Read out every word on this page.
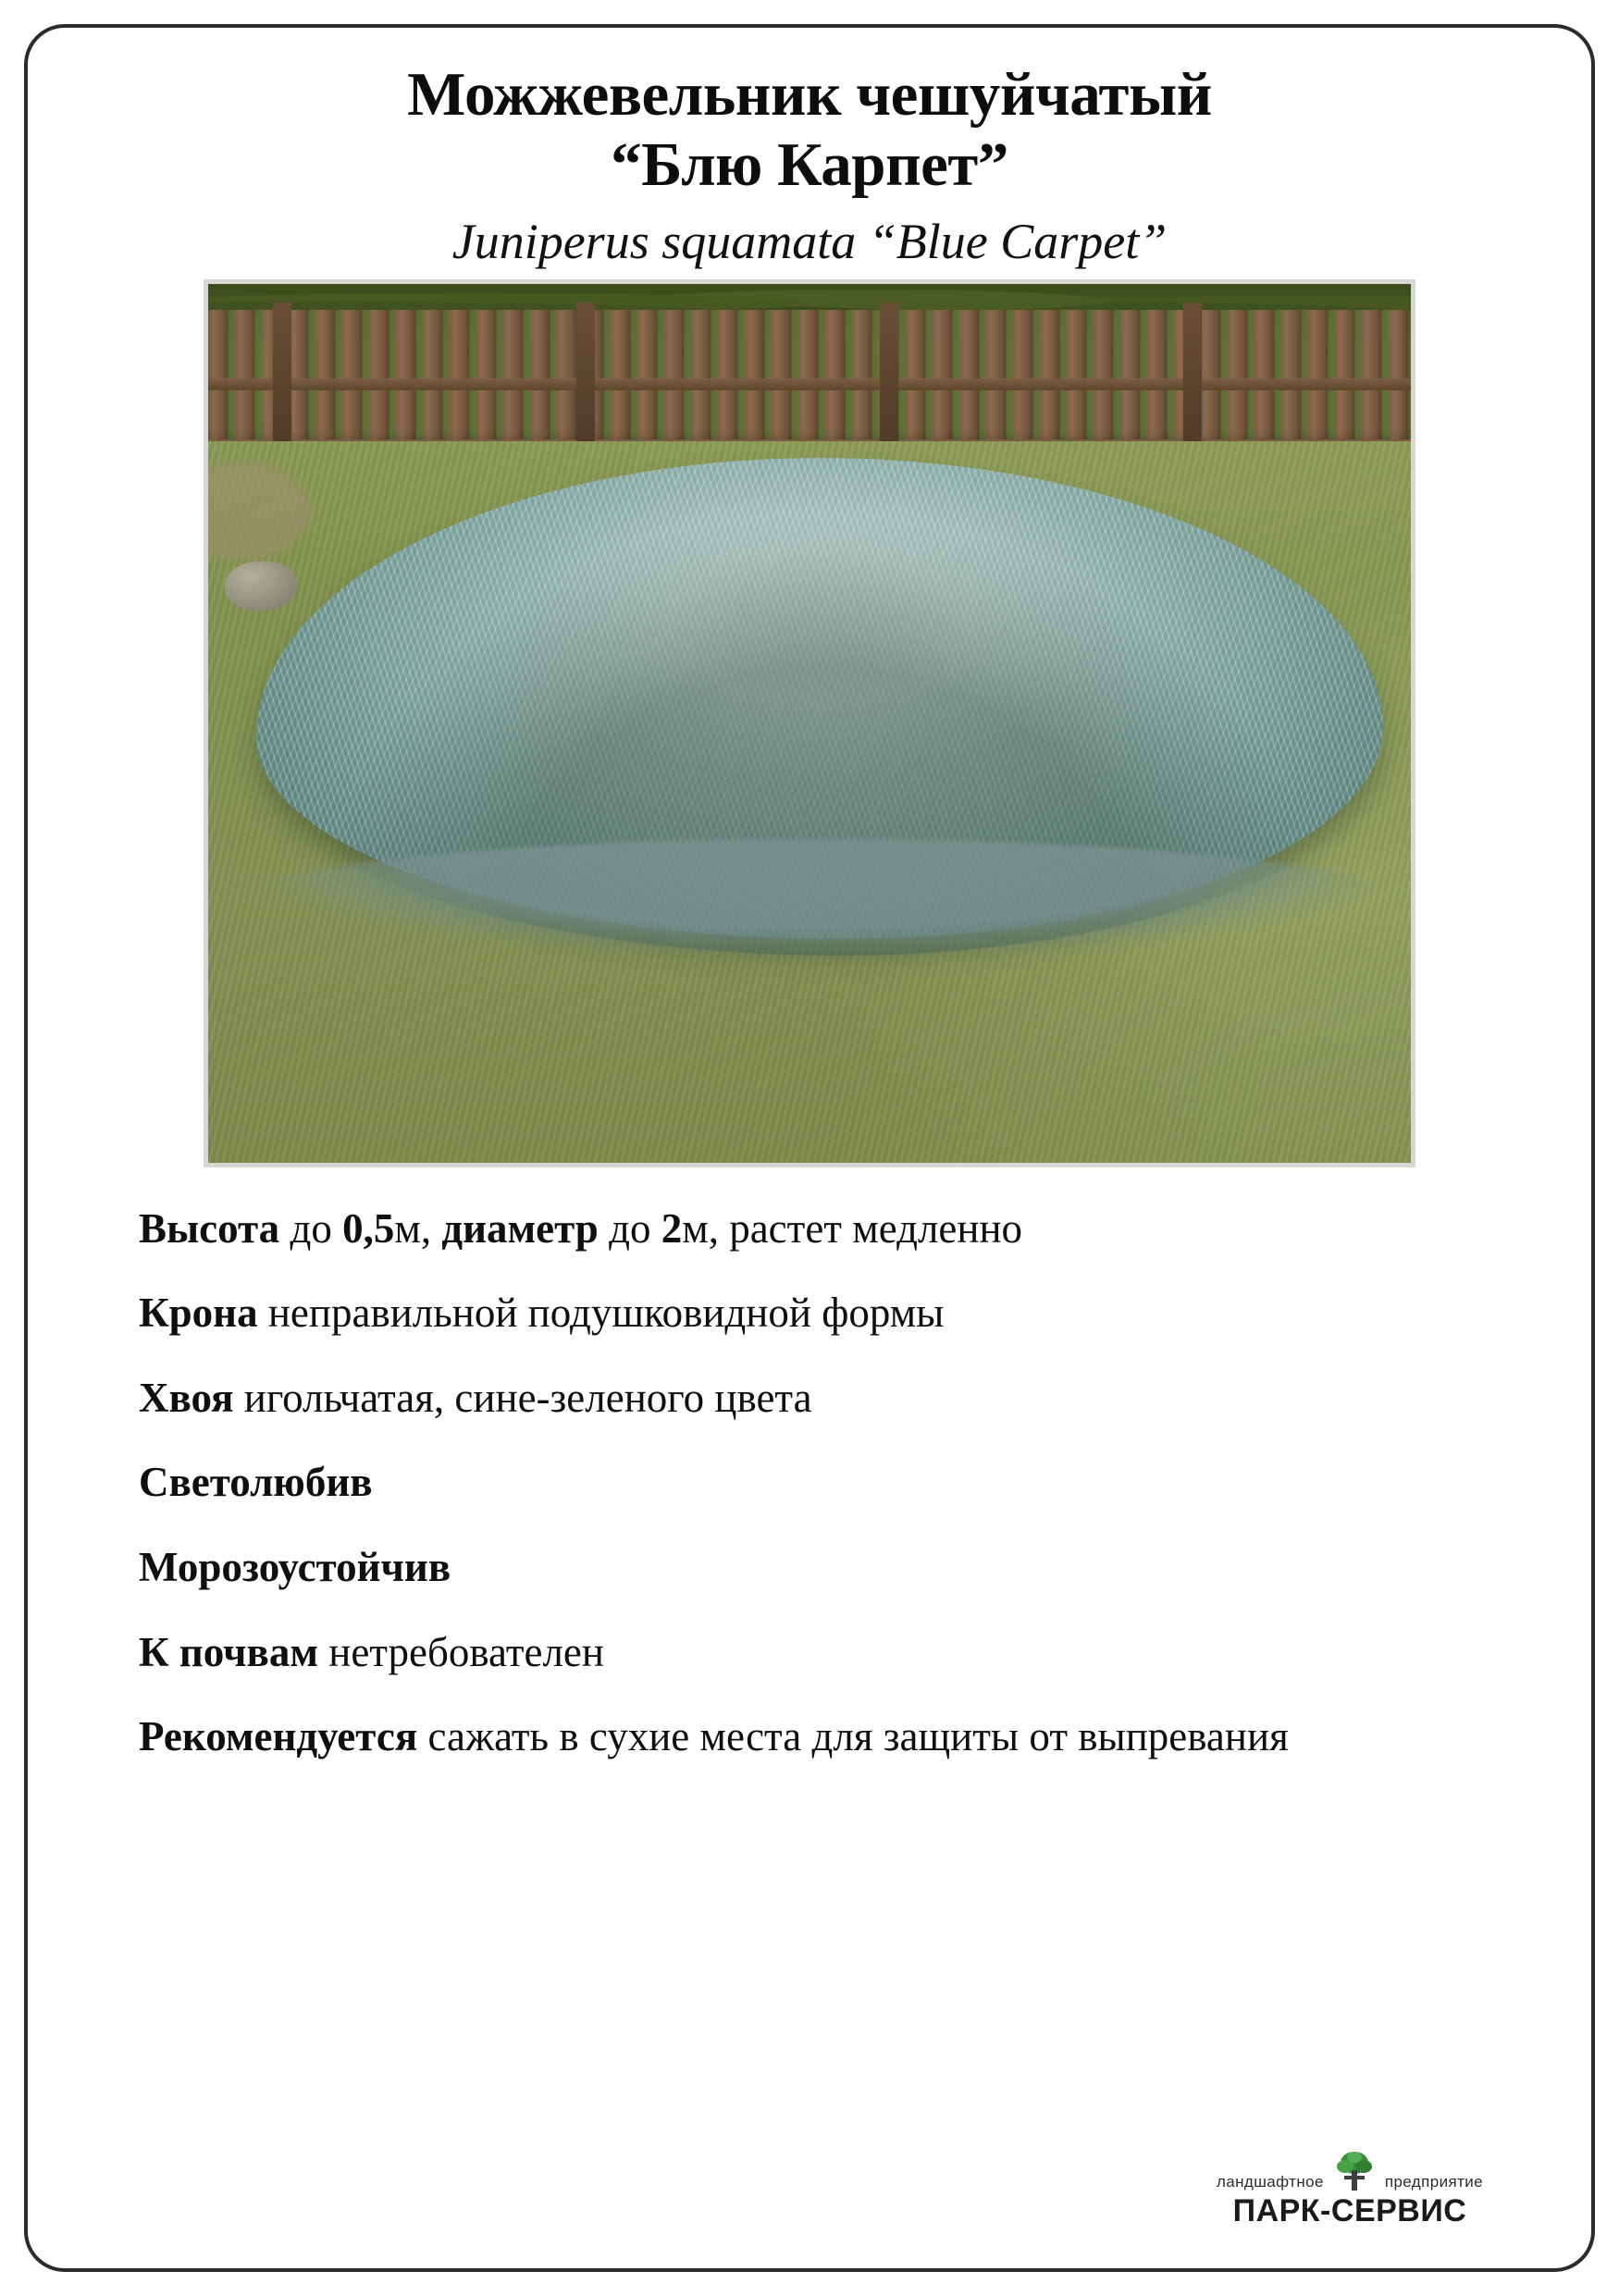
Можжевельник чешуйчатый
“Блю Карпет”
Juniperus squamata “Blue Carpet”

Высота до 0,5м, диаметр до 2м, растет медленно

Крона неправильной подушковидной формы

Хвоя игольчатая, сине-зеленого цвета

Светолюбив

Морозоустойчив

К почвам нетребователен

Рекомендуется сажать в сухие места для защиты от выпревания

ландшафтное	предприятие
ПАРК-СЕРВИС
